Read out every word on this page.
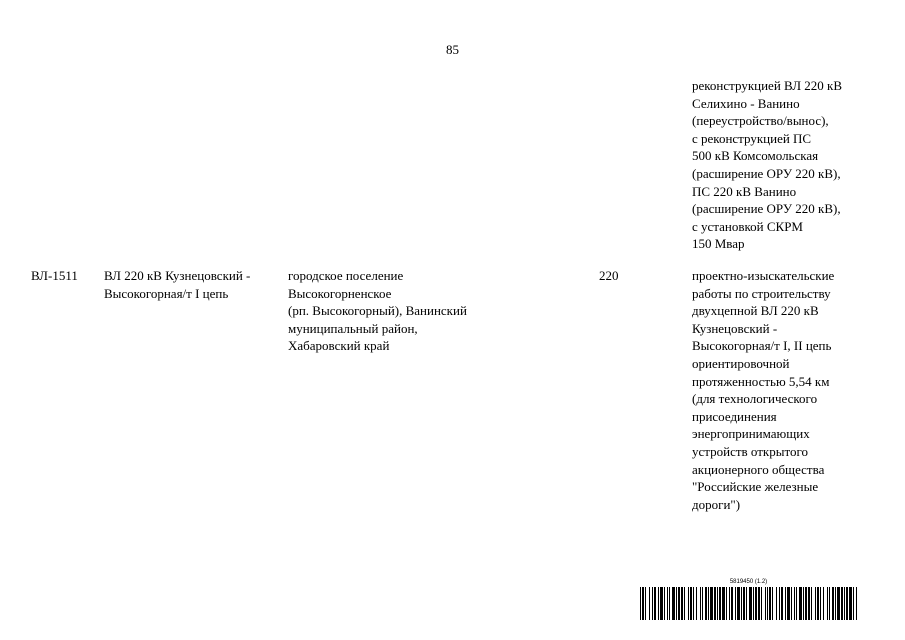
85
реконструкцией ВЛ 220 кВ
Селихино - Ванино
(переустройство/вынос),
с реконструкцией ПС
500 кВ Комсомольская
(расширение ОРУ 220 кВ),
ПС 220 кВ Ванино
(расширение ОРУ 220 кВ),
с установкой СКРМ
150 Мвар
ВЛ-1511	ВЛ 220 кВ Кузнецовский -
Высокогорная/т I цепь
городское поселение
Высокогорненское
(рп. Высокогорный), Ванинский
муниципальный район,
Хабаровский край
220	проектно-изыскательские
работы по строительству
двухцепной ВЛ 220 кВ
Кузнецовский -
Высокогорная/т I, II цепь
ориентировочной
протяженностью 5,54 км
(для технологического
присоединения
энергопринимающих
устройств открытого
акционерного общества
"Российские железные
дороги")
5819450 (1.2)
